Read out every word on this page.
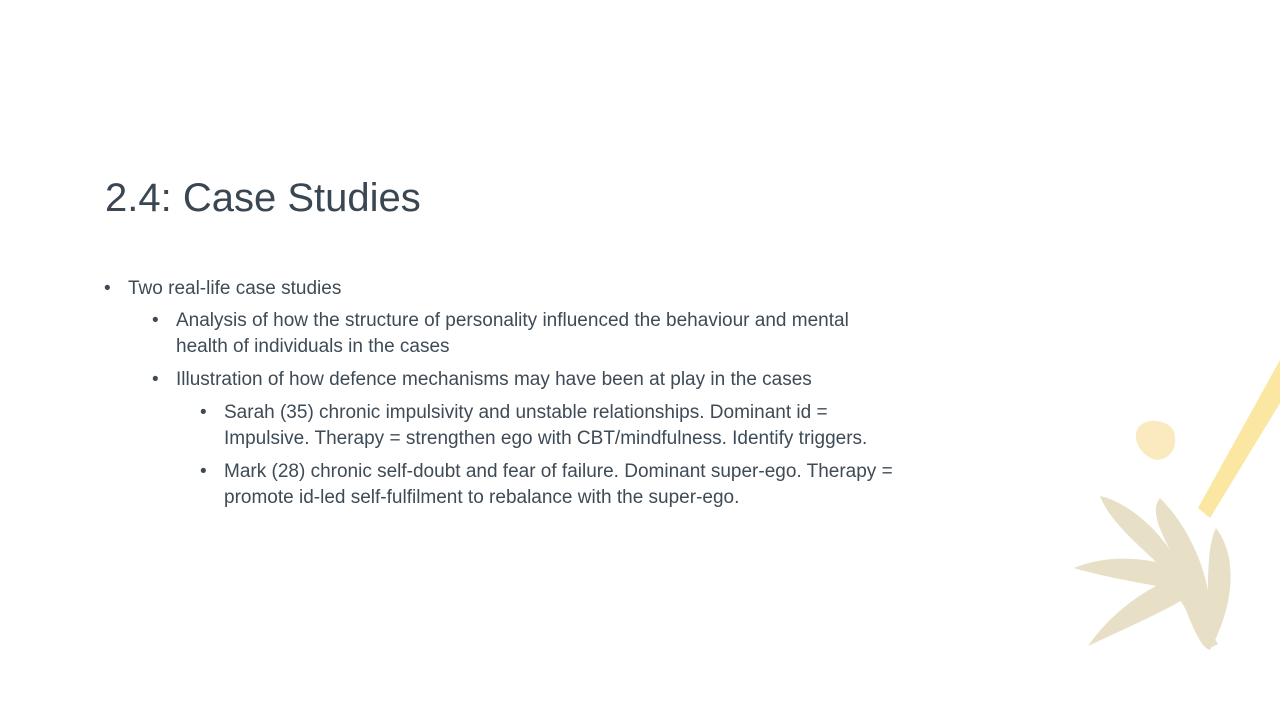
2.4: Case Studies

• Two real-life case studies

• Analysis of how the structure of personality influenced the behaviour and mental health of individuals in the cases

• Illustration of how defence mechanisms may have been at play in the cases

• Sarah (35) chronic impulsivity and unstable relationships. Dominant id = Impulsive. Therapy = strengthen ego with CBT/mindfulness. Identify triggers.

• Mark (28) chronic self-doubt and fear of failure. Dominant super-ego. Therapy = promote id-led self-fulfilment to rebalance with the super-ego.
